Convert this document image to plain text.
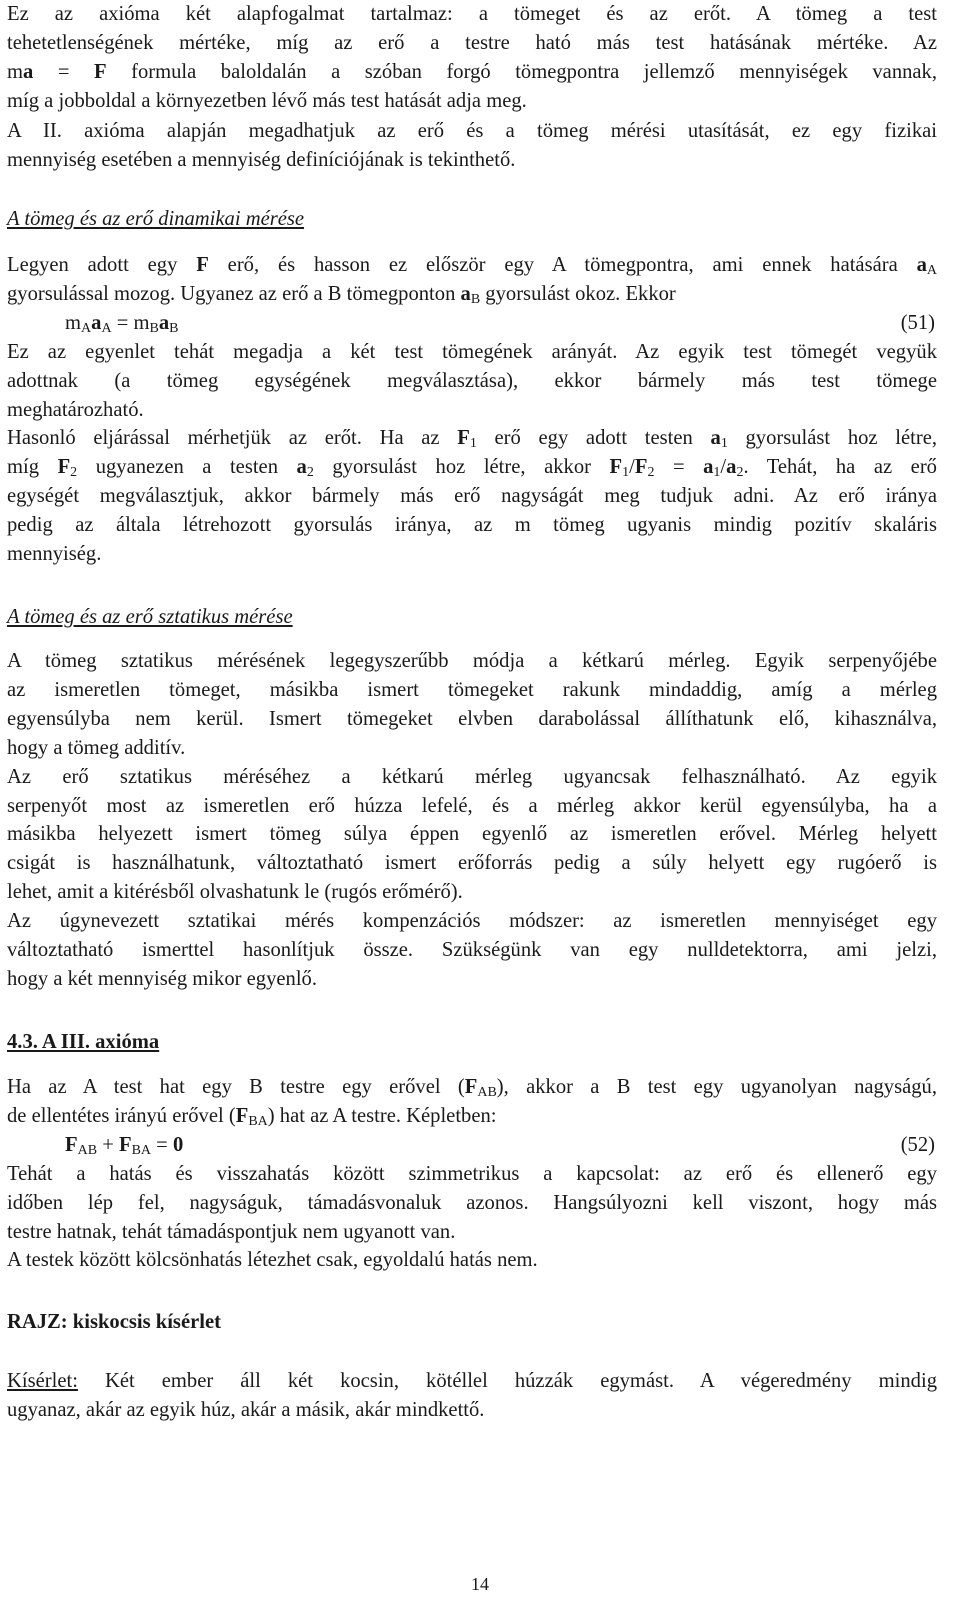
Ez az axióma két alapfogalmat tartalmaz: a tömeget és az erőt. A tömeg a test

tehetetlenségének mértéke, míg az erő a testre ható más test hatásának mértéke. Az

ma = F formula baloldalán a szóban forgó tömegpontra jellemző mennyiségek vannak,

míg a jobboldal a környezetben lévő más test hatását adja meg.

A II. axióma alapján megadhatjuk az erő és a tömeg mérési utasítását, ez egy fizikai

mennyiség esetében a mennyiség definíciójának is tekinthető.

A tömeg és az erő dinamikai mérése

Legyen adott egy F erő, és hasson ez először egy A tömegpontra, ami ennek hatására $a_A$

gyorsulással mozog. Ugyanez az erő a B tömegponton $a_B$ gyorsulást okoz. Ekkor

$m_Aa_A = m_Ba_B$	(51)

Ez az egyenlet tehát megadja a két test tömegének arányát. Az egyik test tömegét vegyük

adottnak (a tömeg egységének megválasztása), ekkor bármely más test tömege

meghatározható.

Hasonló eljárással mérhetjük az erőt. Ha az $F_1$ erő egy adott testen $a_1$ gyorsulást hoz létre,

míg $F_2$ ugyanezen a testen $a_2$ gyorsulást hoz létre, akkor $F_1/F_2 = a_1/a_2$. Tehát, ha az erő

egységét megválasztjuk, akkor bármely más erő nagyságát meg tudjuk adni. Az erő iránya

pedig az általa létrehozott gyorsulás iránya, az m tömeg ugyanis mindig pozitív skaláris

mennyiség.

A tömeg és az erő sztatikus mérése

A tömeg sztatikus mérésének legegyszerűbb módja a kétkarú mérleg. Egyik serpenyőjébe

az ismeretlen tömeget, másikba ismert tömegeket rakunk mindaddig, amíg a mérleg

egyensúlyba nem kerül. Ismert tömegeket elvben darabolással állíthatunk elő, kihasználva,

hogy a tömeg additív.

Az erő sztatikus méréséhez a kétkarú mérleg ugyancsak felhasználható. Az egyik

serpenyőt most az ismeretlen erő húzza lefelé, és a mérleg akkor kerül egyensúlyba, ha a

másikba helyezett ismert tömeg súlya éppen egyenlő az ismeretlen erővel. Mérleg helyett

csigát is használhatunk, változtatható ismert erőforrás pedig a súly helyett egy rugóerő is

lehet, amit a kitérésből olvashatunk le (rugós erőmérő).

Az úgynevezett sztatikai mérés kompenzációs módszer: az ismeretlen mennyiséget egy

változtatható ismerttel hasonlítjuk össze. Szükségünk van egy nulldetektorra, ami jelzi,

hogy a két mennyiség mikor egyenlő.

4.3. A III. axióma

Ha az A test hat egy B testre egy erővel $(F_{AB})$, akkor a B test egy ugyanolyan nagyságú,

de ellentétes irányú erővel $(F_{BA})$ hat az A testre. Képletben:

$F_{AB} + F_{BA} = 0$	(52)

Tehát a hatás és visszahatás között szimmetrikus a kapcsolat: az erő és ellenerő egy

időben lép fel, nagyságuk, támadásvonaluk azonos. Hangsúlyozni kell viszont, hogy más

testre hatnak, tehát támadáspontjuk nem ugyanott van.

A testek között kölcsönhatás létezhet csak, egyoldalú hatás nem.

RAJZ: kiskocsis kísérlet

Kísérlet: Két ember áll két kocsin, kötéllel húzzák egymást. A végeredmény mindig

ugyanaz, akár az egyik húz, akár a másik, akár mindkettő.

14
